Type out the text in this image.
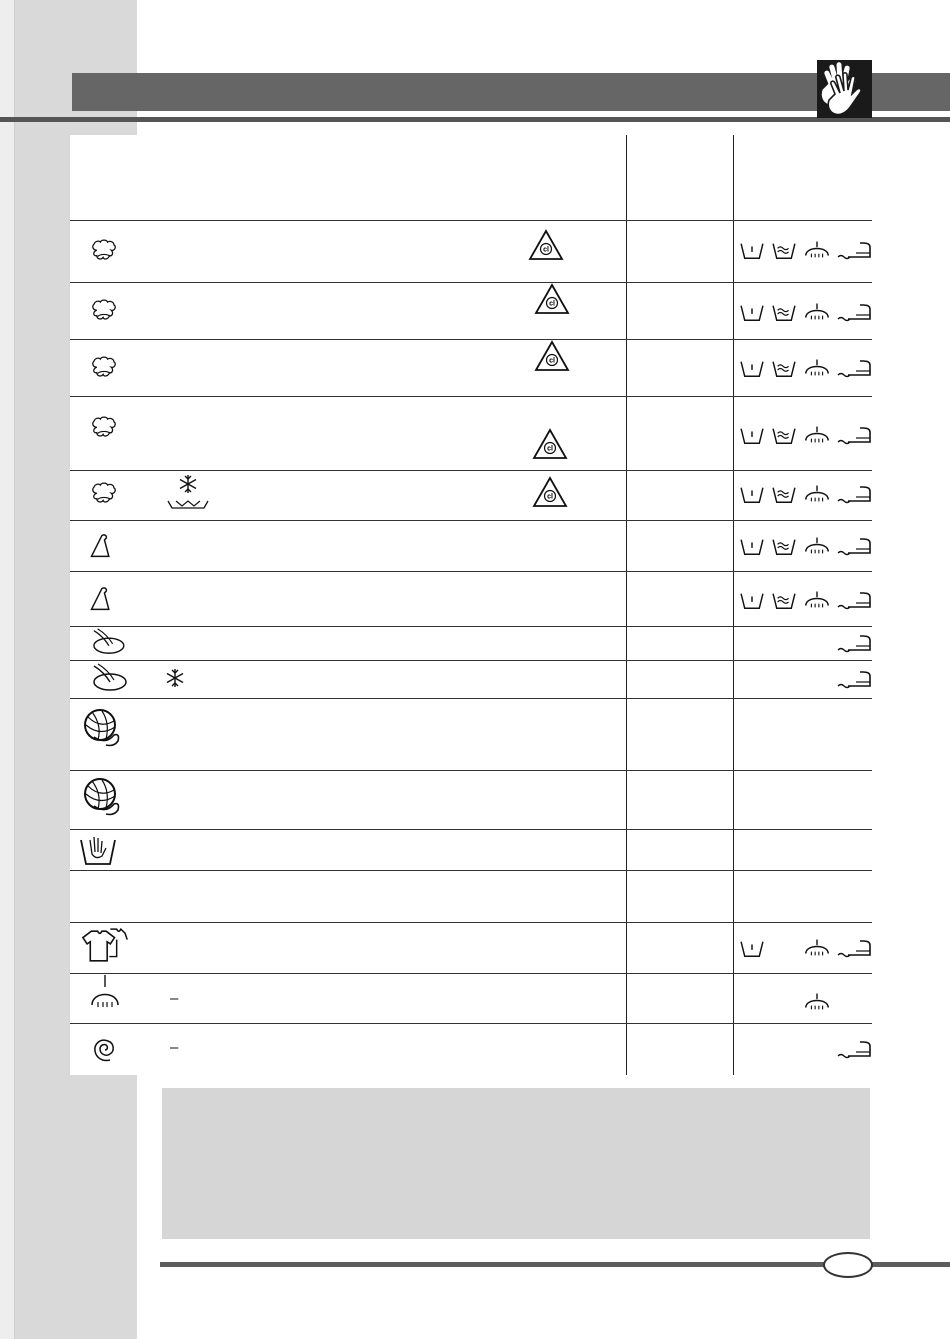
–
–
